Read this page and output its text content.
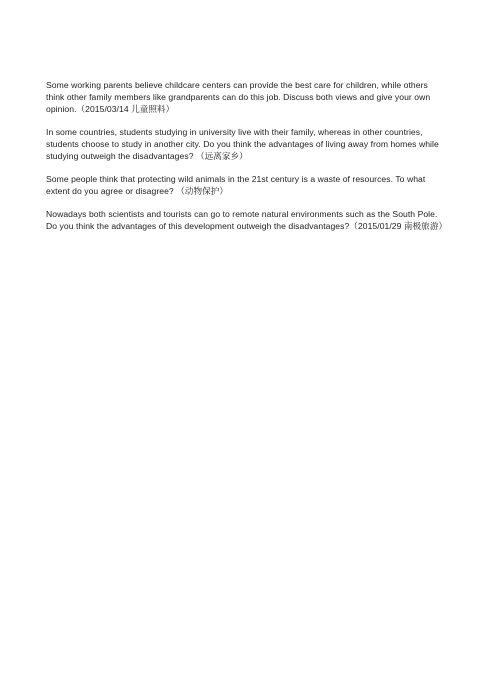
Some working parents believe childcare centers can provide the best care for children, while others think other family members like grandparents can do this job. Discuss both views and give your own opinion.（2015/03/14 儿童照料）

In some countries, students studying in university live with their family, whereas in other countries, students choose to study in another city. Do you think the advantages of living away from homes while studying outweigh the disadvantages? （远离家乡）

Some people think that protecting wild animals in the 21st century is a waste of resources. To what extent do you agree or disagree? （动物保护）

Nowadays both scientists and tourists can go to remote natural environments such as the South Pole. Do you think the advantages of this development outweigh the disadvantages?（2015/01/29 南极旅游）
